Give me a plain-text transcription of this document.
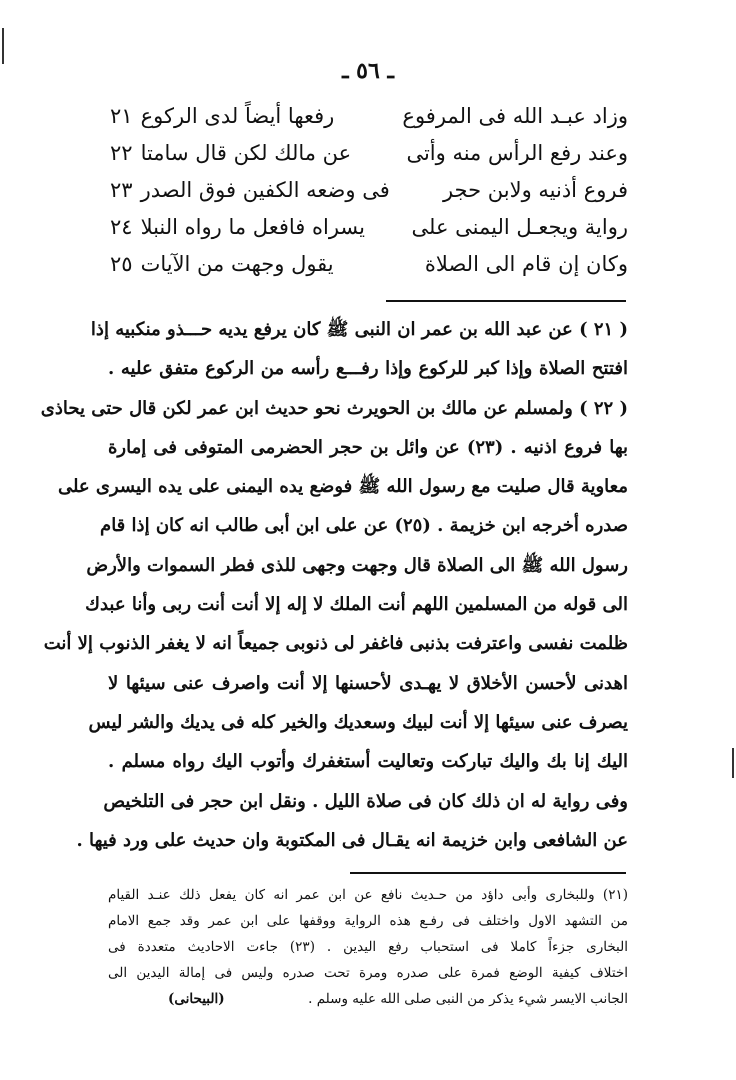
ـ ٥٦ ـ
وزاد عبـد الله فى المرفوع
رفعها أيضاً لدى الركوع٢١
وعند رفع الرأس منه وأتى
عن مالك لكن قال سامتا٢٢
فروع أذنيه ولابن حجر
فى وضعه الكفين فوق الصدر٢٣
رواية ويجعـل اليمنى على
يسراه فافعل ما رواه النبلا٢٤
وكان إن قام الى الصلاة
يقول وجهت من الآيات٢٥
( ٢١ ) عن عبد الله بن عمر ان النبى ﷺ كان يرفع يديه حـــذو منكبيه إذا
افتتح الصلاة وإذا كبر للركوع وإذا رفـــع رأسه من الركوع متفق عليه .
( ٢٢ ) ولمسلم عن مالك بن الحويرث نحو حديث ابن عمر لكن قال حتى يحاذى
بها فروع اذنيه . (٢٣) عن وائل بن حجر الحضرمى المتوفى فى إمارة
معاوية قال صليت مع رسول الله ﷺ فوضع يده اليمنى على يده اليسرى على
صدره أخرجه ابن خزيمة . (٢٥) عن على ابن أبى طالب انه كان إذا قام
رسول الله ﷺ الى الصلاة قال وجهت وجهى للذى فطر السموات والأرض
الى قوله من المسلمين اللهم أنت الملك لا إله إلا أنت أنت ربى وأنا عبدك
ظلمت نفسى واعترفت بذنبى فاغفر لى ذنوبى جميعاً انه لا يغفر الذنوب إلا أنت
اهدنى لأحسن الأخلاق لا يهـدى لأحسنها إلا أنت واصرف عنى سيئها لا
يصرف عنى سيئها إلا أنت لبيك وسعديك والخير كله فى يديك والشر ليس
اليك إنا بك واليك تباركت وتعاليت أستغفرك وأتوب اليك رواه مسلم .
وفى رواية له ان ذلك كان فى صلاة الليل . ونقل ابن حجر فى التلخيص
عن الشافعى وابن خزيمة انه يقـال فى المكتوبة وان حديث على ورد فيها .
(٢١) وللبخارى وأبى داؤد من حـديث نافع عن ابن عمر انه كان يفعل ذلك عنـد القيام
من التشهد الاول واختلف فى رفـع هذه الرواية ووقفها على ابن عمر وقد جمع الامام
البخارى جزءاً كاملا فى استحباب رفع اليدين . (٢٣) جاءت الاحاديث متعددة فى
اختلاف كيفية الوضع فمرة على صدره ومرة تحت صدره وليس فى إمالة اليدين الى
الجانب الايسر شيء يذكر من النبى صلى الله عليه وسلم .
(البيحانى)
